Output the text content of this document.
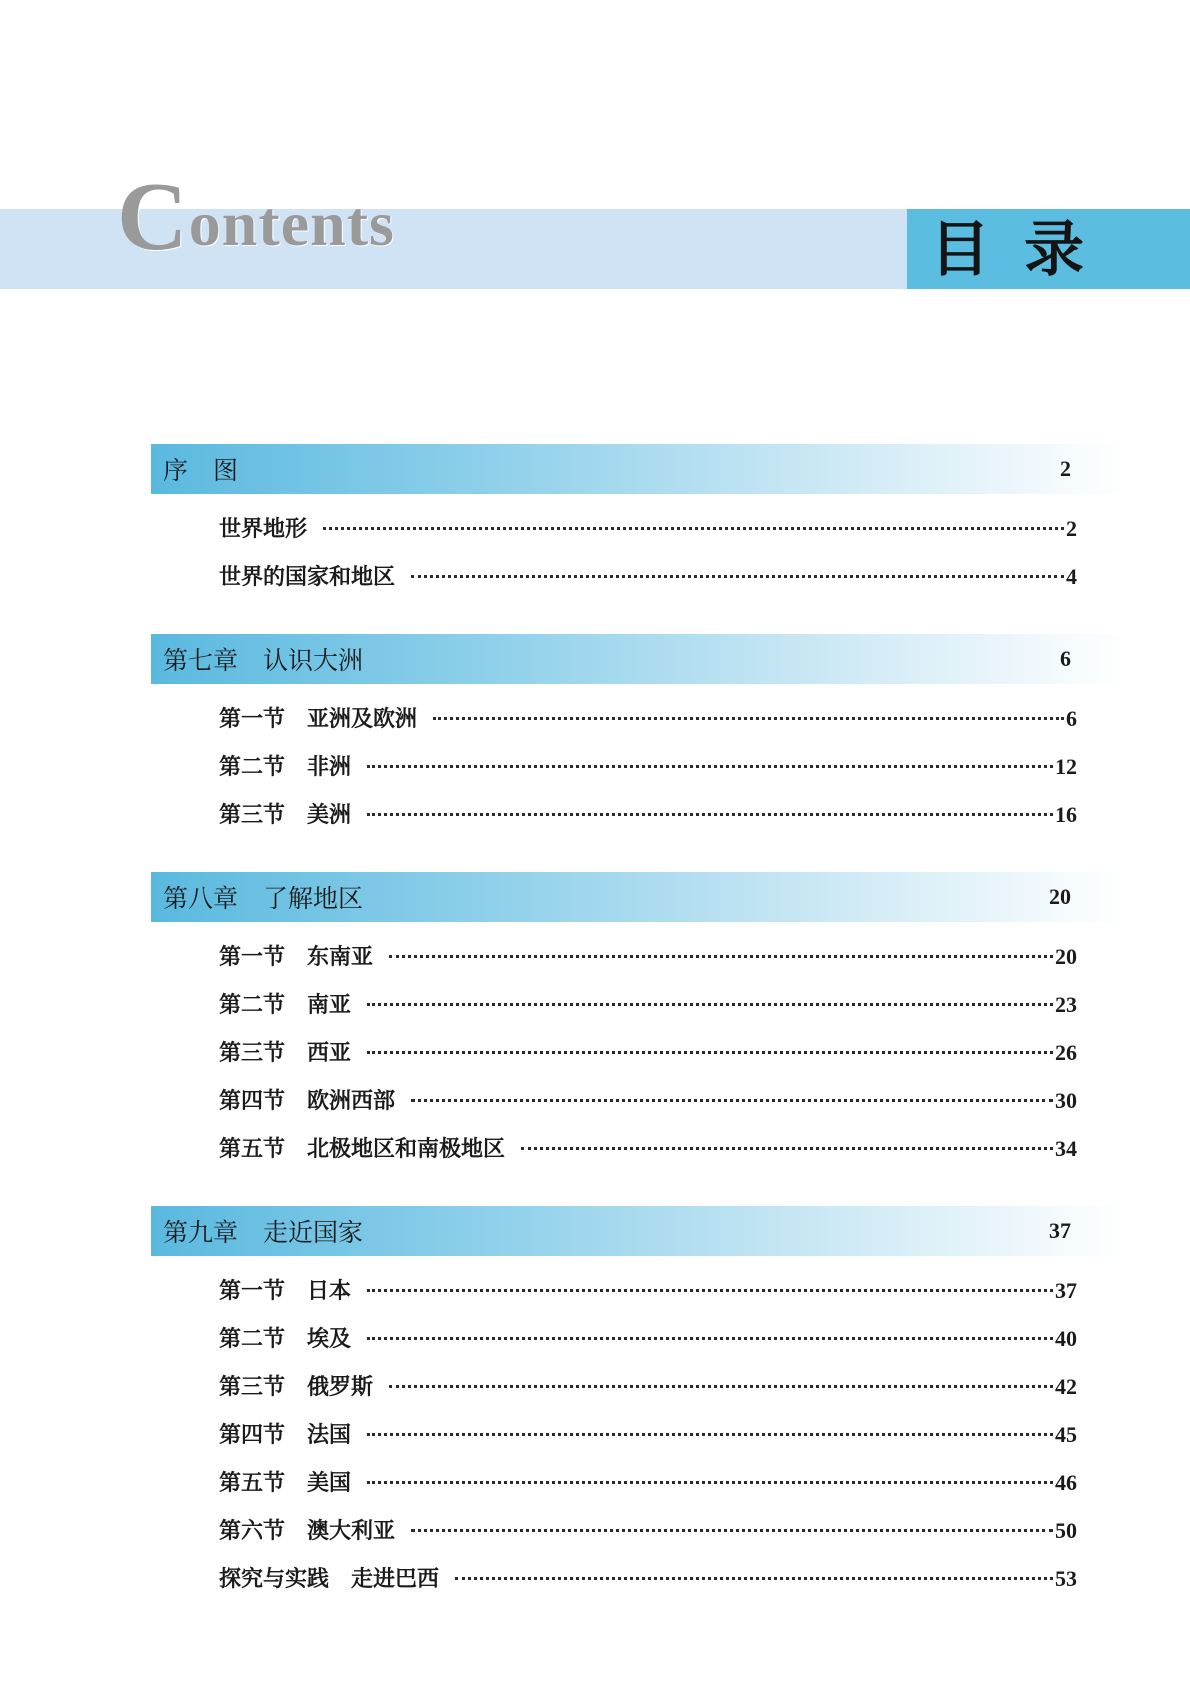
Contents	目录
序　图	2
世界地形	2
世界的国家和地区	4
第七章　认识大洲	6
第一节　亚洲及欧洲	6
第二节　非洲	12
第三节　美洲	16
第八章　了解地区	20
第一节　东南亚	20
第二节　南亚	23
第三节　西亚	26
第四节　欧洲西部	30
第五节　北极地区和南极地区	34
第九章　走近国家	37
第一节　日本	37
第二节　埃及	40
第三节　俄罗斯	42
第四节　法国	45
第五节　美国	46
第六节　澳大利亚	50
探究与实践　走进巴西	53
